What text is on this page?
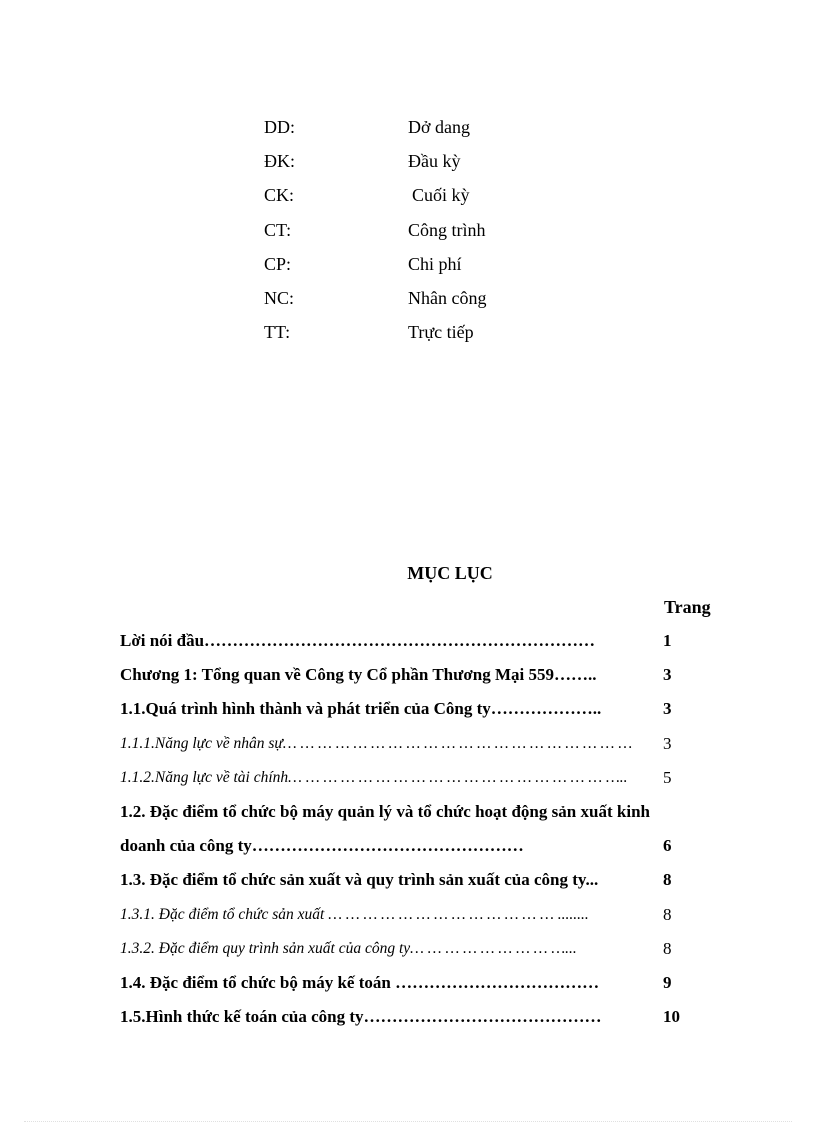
DD:	Dở dang
ĐK:	Đầu kỳ
CK:	Cuối kỳ
CT:	Công trình
CP:	Chi phí
NC:	Nhân công
TT:	Trực tiếp
MỤC LỤC
Trang
Lời nói đầu……………………………………………………………	1
Chương 1: Tổng quan về Công ty Cổ phần Thương Mại 559……..	3
1.1.Quá trình hình thành và phát triển của Công ty………………..	3
1.1.1.Năng lực về nhân sự… … … … … … … … … … … … … … … … … … … …	3
1.1.2.Năng lực về tài chính… … … … … … … … … … … … … … … … … … …..	5
1.2. Đặc điểm tổ chức bộ máy quản lý và tổ chức hoạt động sản xuất kinh doanh của công ty…………………………………………	6
1.3. Đặc điểm tổ chức sản xuất và quy trình sản xuất của công ty...	8
1.3.1. Đặc điểm tổ chức sản xuất … … … … … … … … … … … … … ........	8
1.3.2. Đặc điểm quy trình sản xuất của công ty… … … … … … … … …...	8
1.4. Đặc điểm tổ chức bộ máy kế toán ………………………………	9
1.5.Hình thức kế toán của công ty……………………………………	10
